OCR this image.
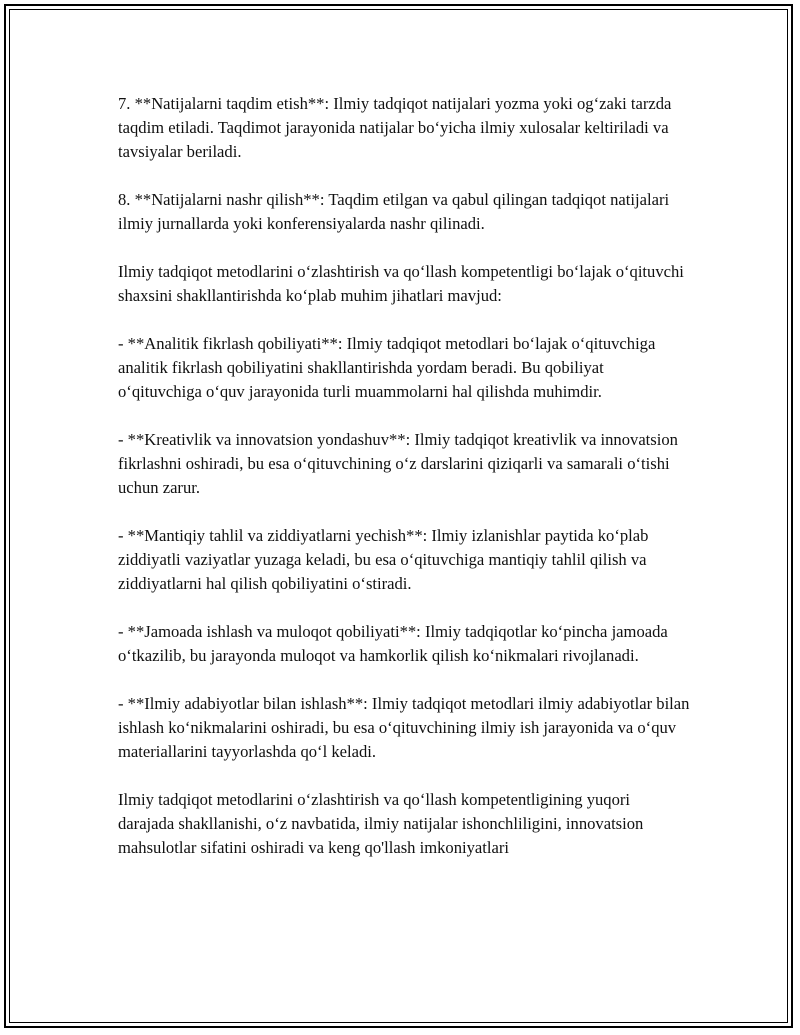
7. **Natijalarni taqdim etish**: Ilmiy tadqiqot natijalari yozma yoki og‘zaki tarzda taqdim etiladi. Taqdimot jarayonida natijalar bo‘yicha ilmiy xulosalar keltiriladi va tavsiyalar beriladi.

8. **Natijalarni nashr qilish**: Taqdim etilgan va qabul qilingan tadqiqot natijalari ilmiy jurnallarda yoki konferensiyalarda nashr qilinadi.

Ilmiy tadqiqot metodlarini o‘zlashtirish va qo‘llash kompetentligi bo‘lajak o‘qituvchi shaxsini shakllantirishda ko‘plab muhim jihatlari mavjud:

- **Analitik fikrlash qobiliyati**: Ilmiy tadqiqot metodlari bo‘lajak o‘qituvchiga analitik fikrlash qobiliyatini shakllantirishda yordam beradi. Bu qobiliyat o‘qituvchiga o‘quv jarayonida turli muammolarni hal qilishda muhimdir.

- **Kreativlik va innovatsion yondashuv**: Ilmiy tadqiqot kreativlik va innovatsion fikrlashni oshiradi, bu esa o‘qituvchining o‘z darslarini qiziqarli va samarali o‘tishi uchun zarur.

- **Mantiqiy tahlil va ziddiyatlarni yechish**: Ilmiy izlanishlar paytida ko‘plab ziddiyatli vaziyatlar yuzaga keladi, bu esa o‘qituvchiga mantiqiy tahlil qilish va ziddiyatlarni hal qilish qobiliyatini o‘stiradi.

- **Jamoada ishlash va muloqot qobiliyati**: Ilmiy tadqiqotlar ko‘pincha jamoada o‘tkazilib, bu jarayonda muloqot va hamkorlik qilish ko‘nikmalari rivojlanadi.

- **Ilmiy adabiyotlar bilan ishlash**: Ilmiy tadqiqot metodlari ilmiy adabiyotlar bilan ishlash ko‘nikmalarini oshiradi, bu esa o‘qituvchining ilmiy ish jarayonida va o‘quv materiallarini tayyorlashda qo‘l keladi.

Ilmiy tadqiqot metodlarini o‘zlashtirish va qo‘llash kompetentligining yuqori darajada shakllanishi, o‘z navbatida, ilmiy natijalar ishonchliligini, innovatsion mahsulotlar sifatini oshiradi va keng qo'llash imkoniyatlari
